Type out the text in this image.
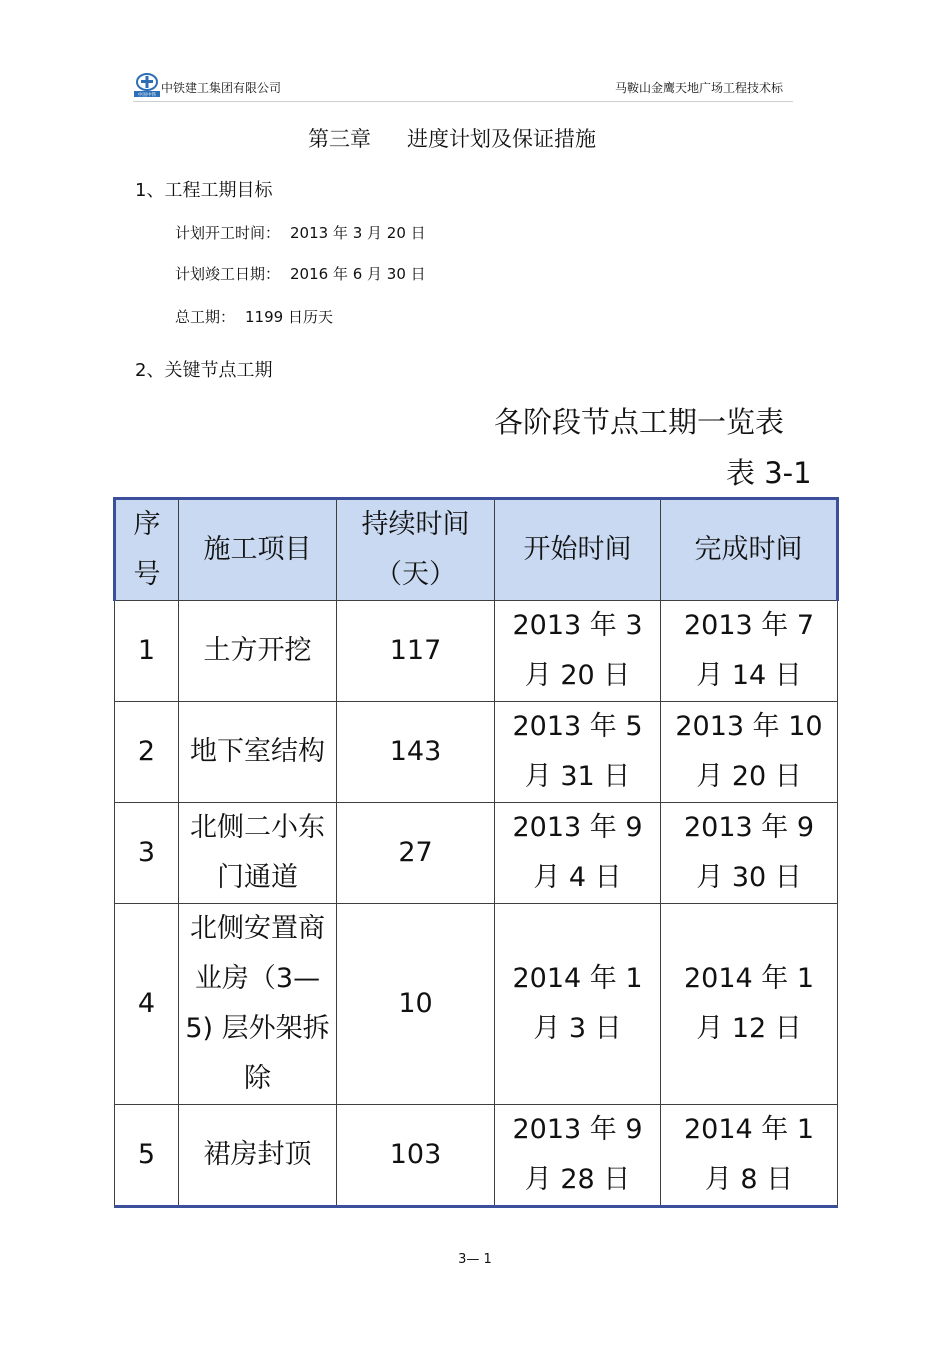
中国中铁
中铁建工集团有限公司	马鞍山金鹰天地广场工程技术标
第三章 进度计划及保证措施
1、工程工期目标
计划开工时间： 2013 年 3 月 20 日
计划竣工日期： 2016 年 6 月 30 日
总工期： 1199 日历天
2、关键节点工期
各阶段节点工期一览表
表 3-1
序号	施工项目	持续时间（天）	开始时间	完成时间

1	土方开挖	117	2013 年 3 月 20 日	2013 年 7 月 14 日
2	地下室结构	143	2013 年 5 月 31 日	2013 年 10 月 20 日
3	北侧二小东门通道	27	2013 年 9 月 4 日	2013 年 9 月 30 日
4	北侧安置商业房（3—5) 层外架拆除	10	2014 年 1 月 3 日	2014 年 1 月 12 日
5	裙房封顶	103	2013 年 9 月 28 日	2014 年 1 月 8 日
3— 1
